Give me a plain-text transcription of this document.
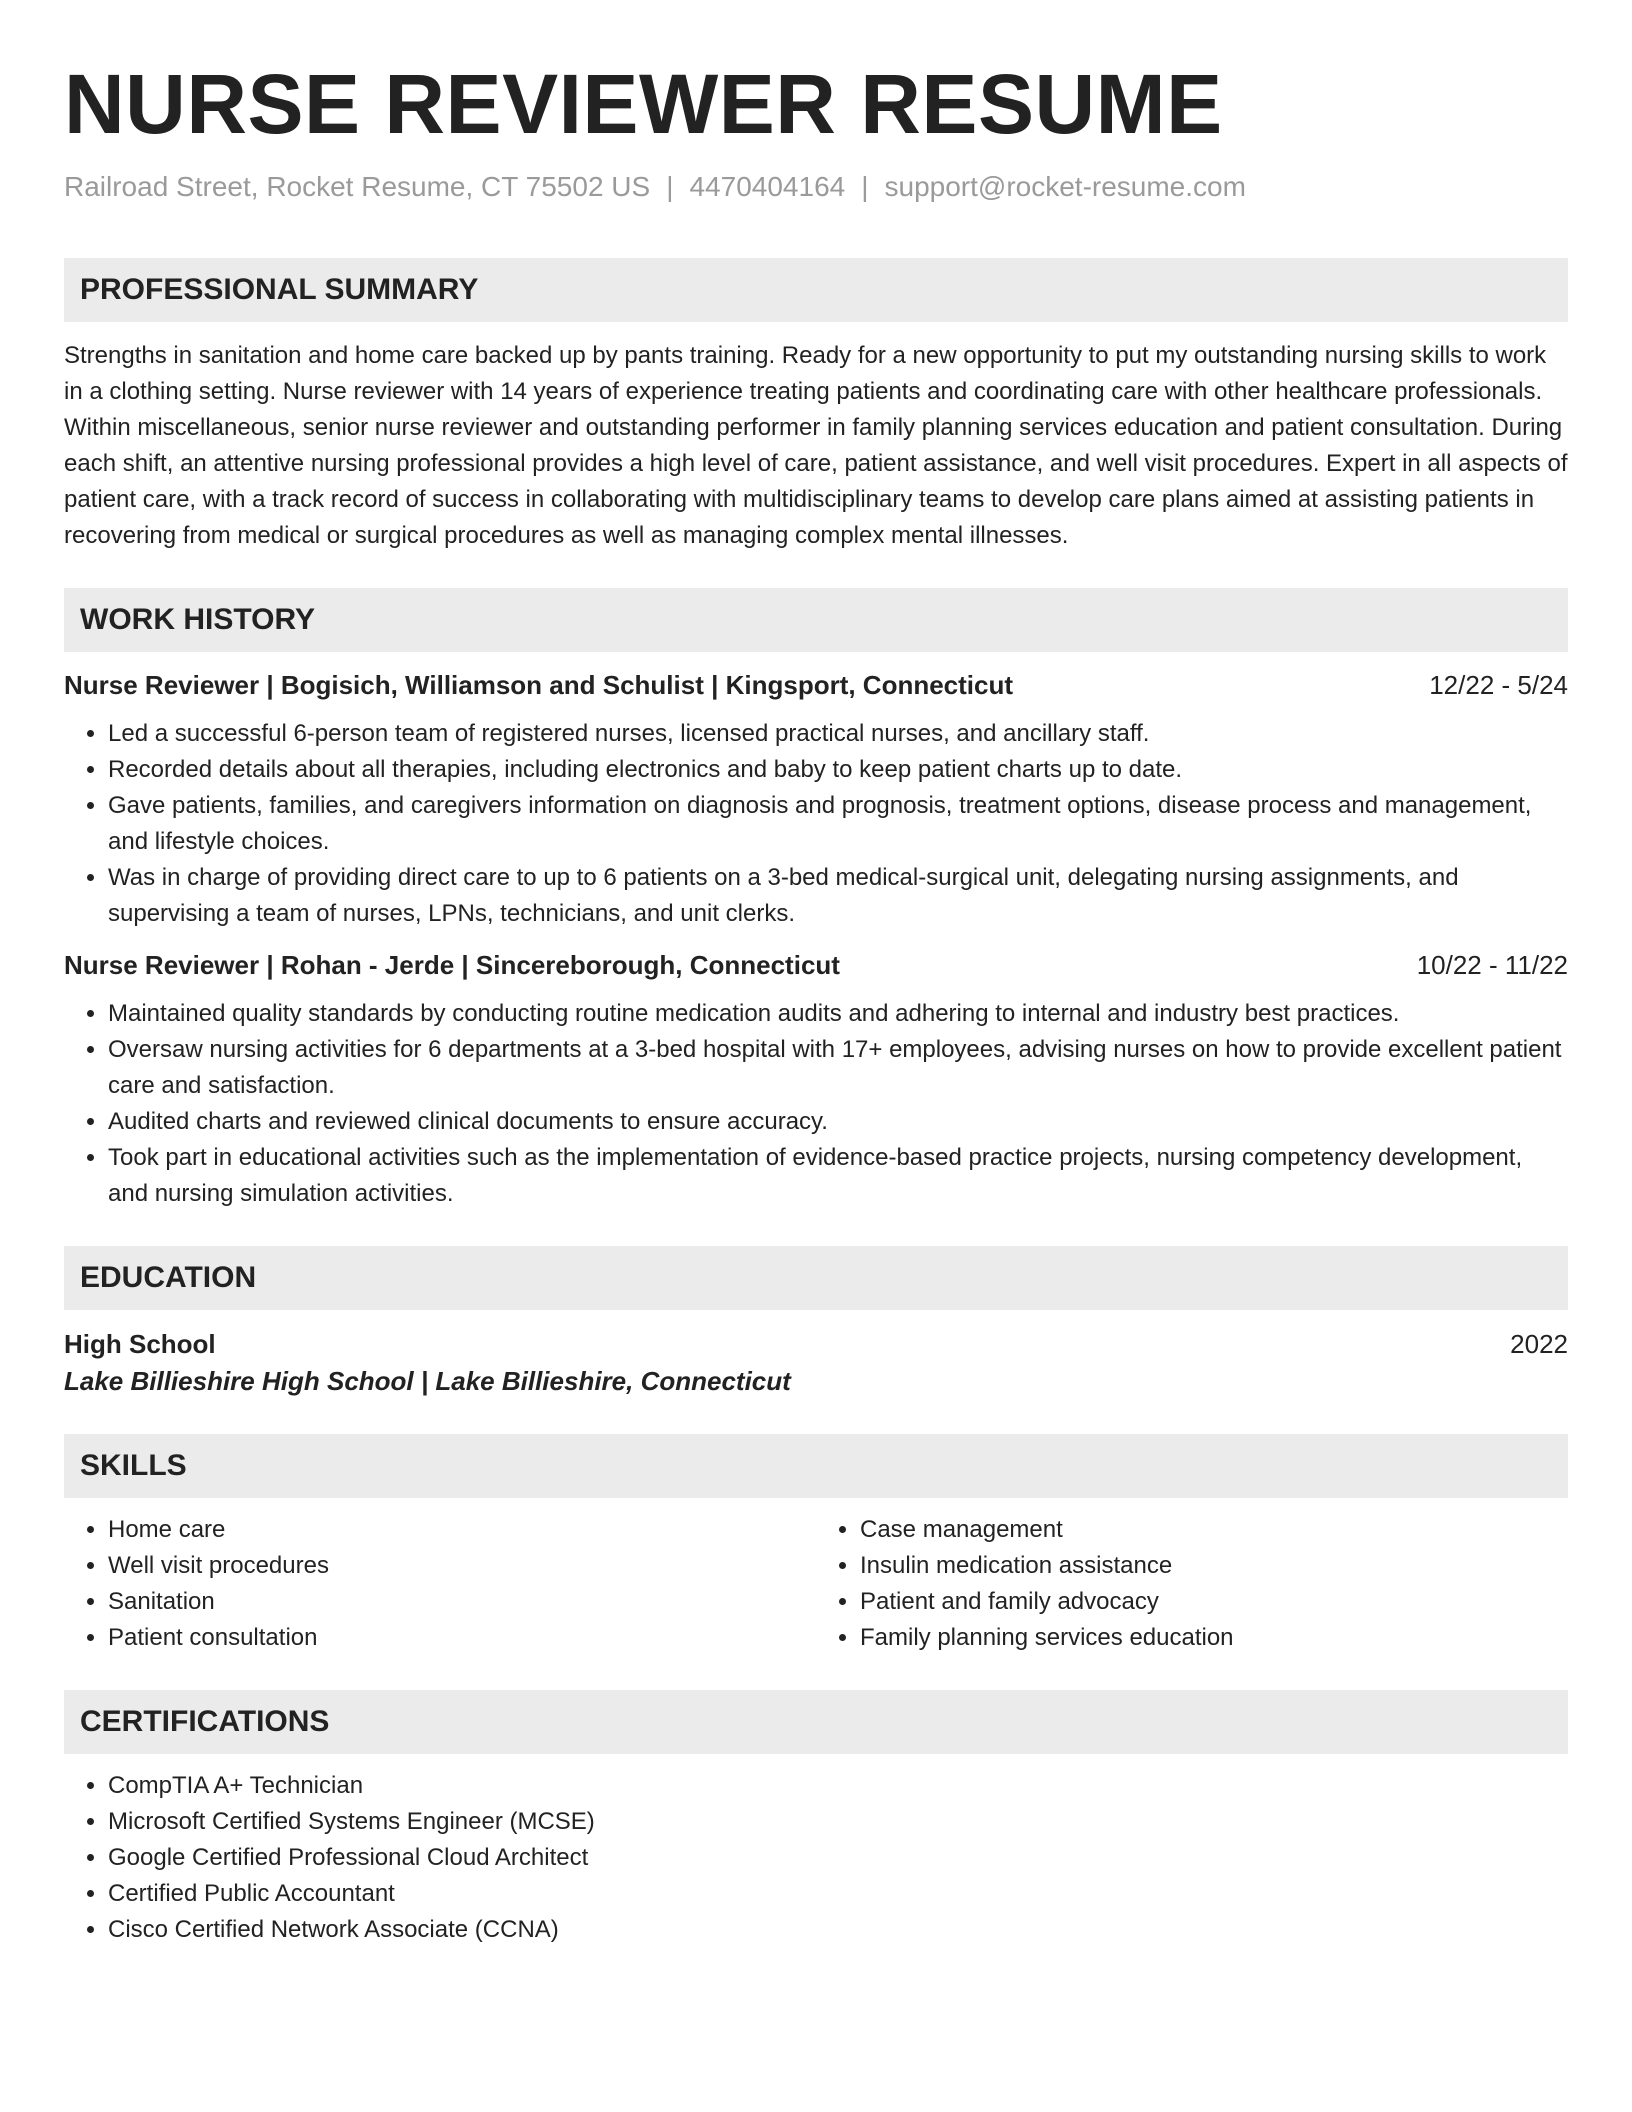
NURSE REVIEWER RESUME
Railroad Street, Rocket Resume, CT 75502 US | 4470404164 | support@rocket-resume.com
PROFESSIONAL SUMMARY
Strengths in sanitation and home care backed up by pants training. Ready for a new opportunity to put my outstanding nursing skills to work in a clothing setting. Nurse reviewer with 14 years of experience treating patients and coordinating care with other healthcare professionals. Within miscellaneous, senior nurse reviewer and outstanding performer in family planning services education and patient consultation. During each shift, an attentive nursing professional provides a high level of care, patient assistance, and well visit procedures. Expert in all aspects of patient care, with a track record of success in collaborating with multidisciplinary teams to develop care plans aimed at assisting patients in recovering from medical or surgical procedures as well as managing complex mental illnesses.
WORK HISTORY
Nurse Reviewer | Bogisich, Williamson and Schulist | Kingsport, Connecticut	12/22 - 5/24
• Led a successful 6-person team of registered nurses, licensed practical nurses, and ancillary staff.
• Recorded details about all therapies, including electronics and baby to keep patient charts up to date.
• Gave patients, families, and caregivers information on diagnosis and prognosis, treatment options, disease process and management, and lifestyle choices.
• Was in charge of providing direct care to up to 6 patients on a 3-bed medical-surgical unit, delegating nursing assignments, and supervising a team of nurses, LPNs, technicians, and unit clerks.
Nurse Reviewer | Rohan - Jerde | Sincereborough, Connecticut	10/22 - 11/22
• Maintained quality standards by conducting routine medication audits and adhering to internal and industry best practices.
• Oversaw nursing activities for 6 departments at a 3-bed hospital with 17+ employees, advising nurses on how to provide excellent patient care and satisfaction.
• Audited charts and reviewed clinical documents to ensure accuracy.
• Took part in educational activities such as the implementation of evidence-based practice projects, nursing competency development, and nursing simulation activities.
EDUCATION
High School	2022
Lake Billieshire High School | Lake Billieshire, Connecticut
SKILLS
• Home care
• Well visit procedures
• Sanitation
• Patient consultation
• Case management
• Insulin medication assistance
• Patient and family advocacy
• Family planning services education
CERTIFICATIONS
• CompTIA A+ Technician
• Microsoft Certified Systems Engineer (MCSE)
• Google Certified Professional Cloud Architect
• Certified Public Accountant
• Cisco Certified Network Associate (CCNA)
